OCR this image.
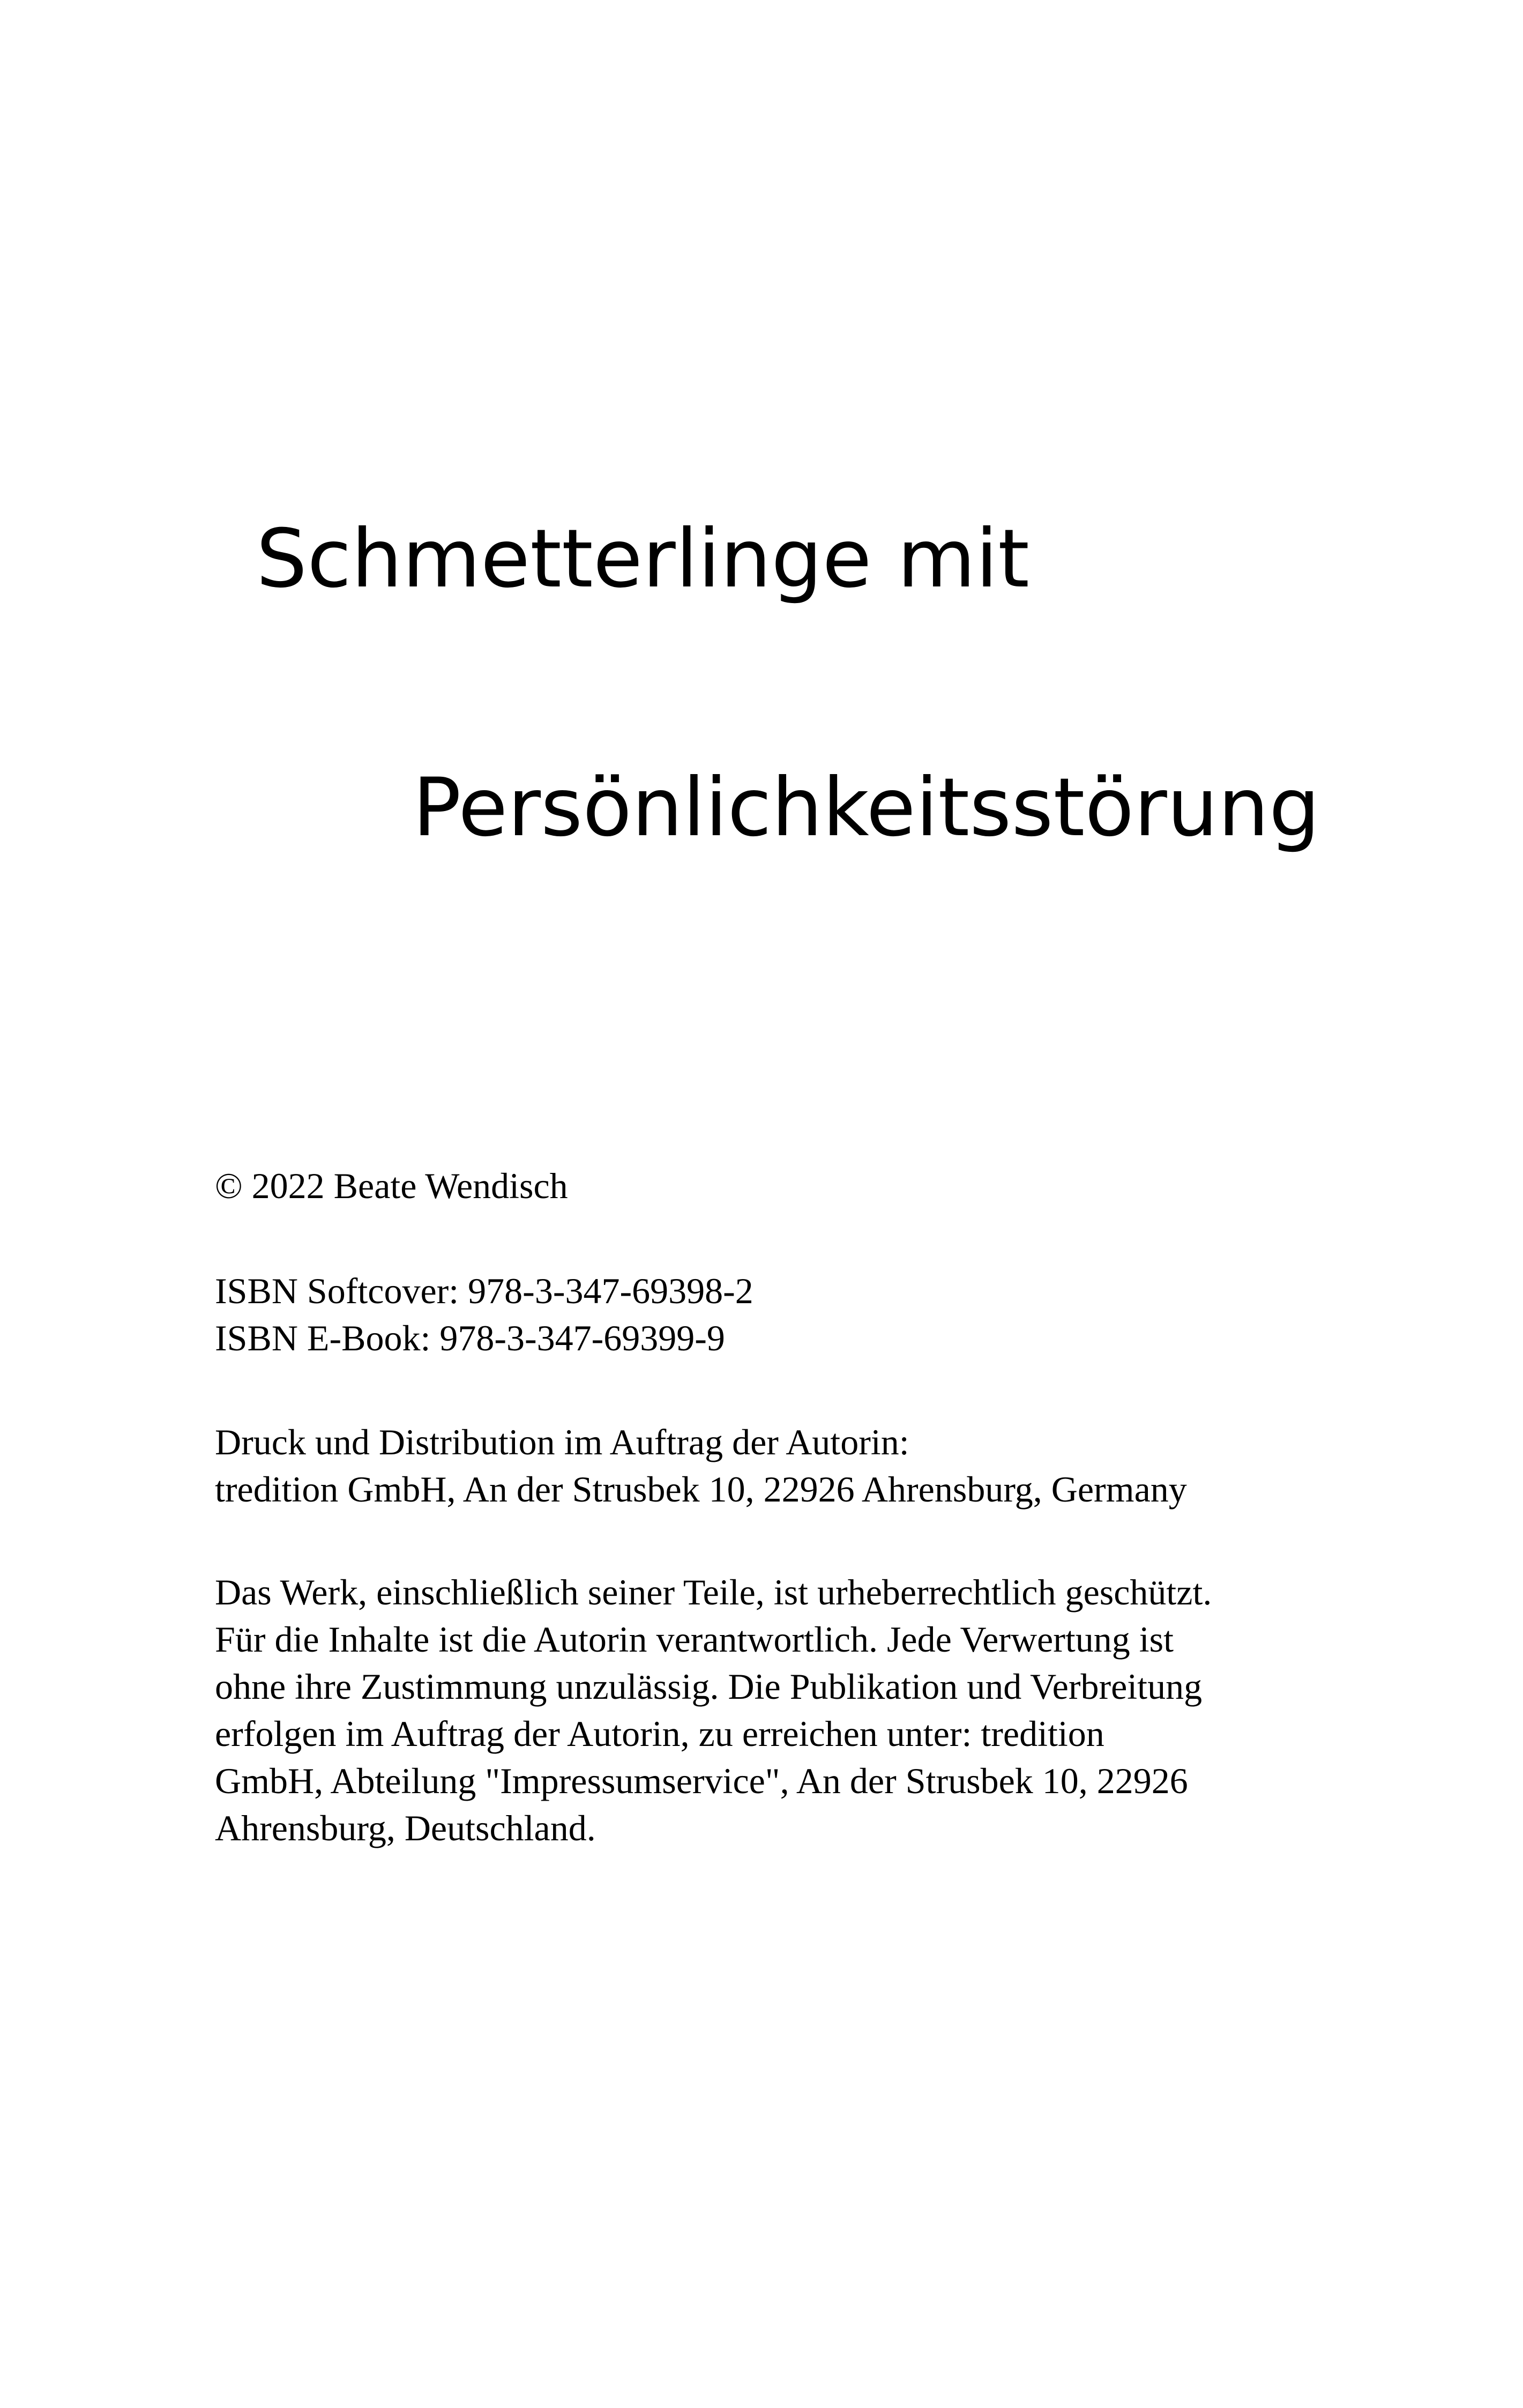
Schmetterlinge mit
Persönlichkeitsstörung

© 2022 Beate Wendisch

ISBN Softcover: 978-3-347-69398-2

ISBN E-Book: 978-3-347-69399-9

Druck und Distribution im Auftrag der Autorin:

tredition GmbH, An der Strusbek 10, 22926 Ahrensburg, Germany

Das Werk, einschließlich seiner Teile, ist urheberrechtlich geschützt.

Für die Inhalte ist die Autorin verantwortlich. Jede Verwertung ist

ohne ihre Zustimmung unzulässig. Die Publikation und Verbreitung

erfolgen im Auftrag der Autorin, zu erreichen unter: tredition

GmbH, Abteilung "Impressumservice", An der Strusbek 10, 22926

Ahrensburg, Deutschland.
